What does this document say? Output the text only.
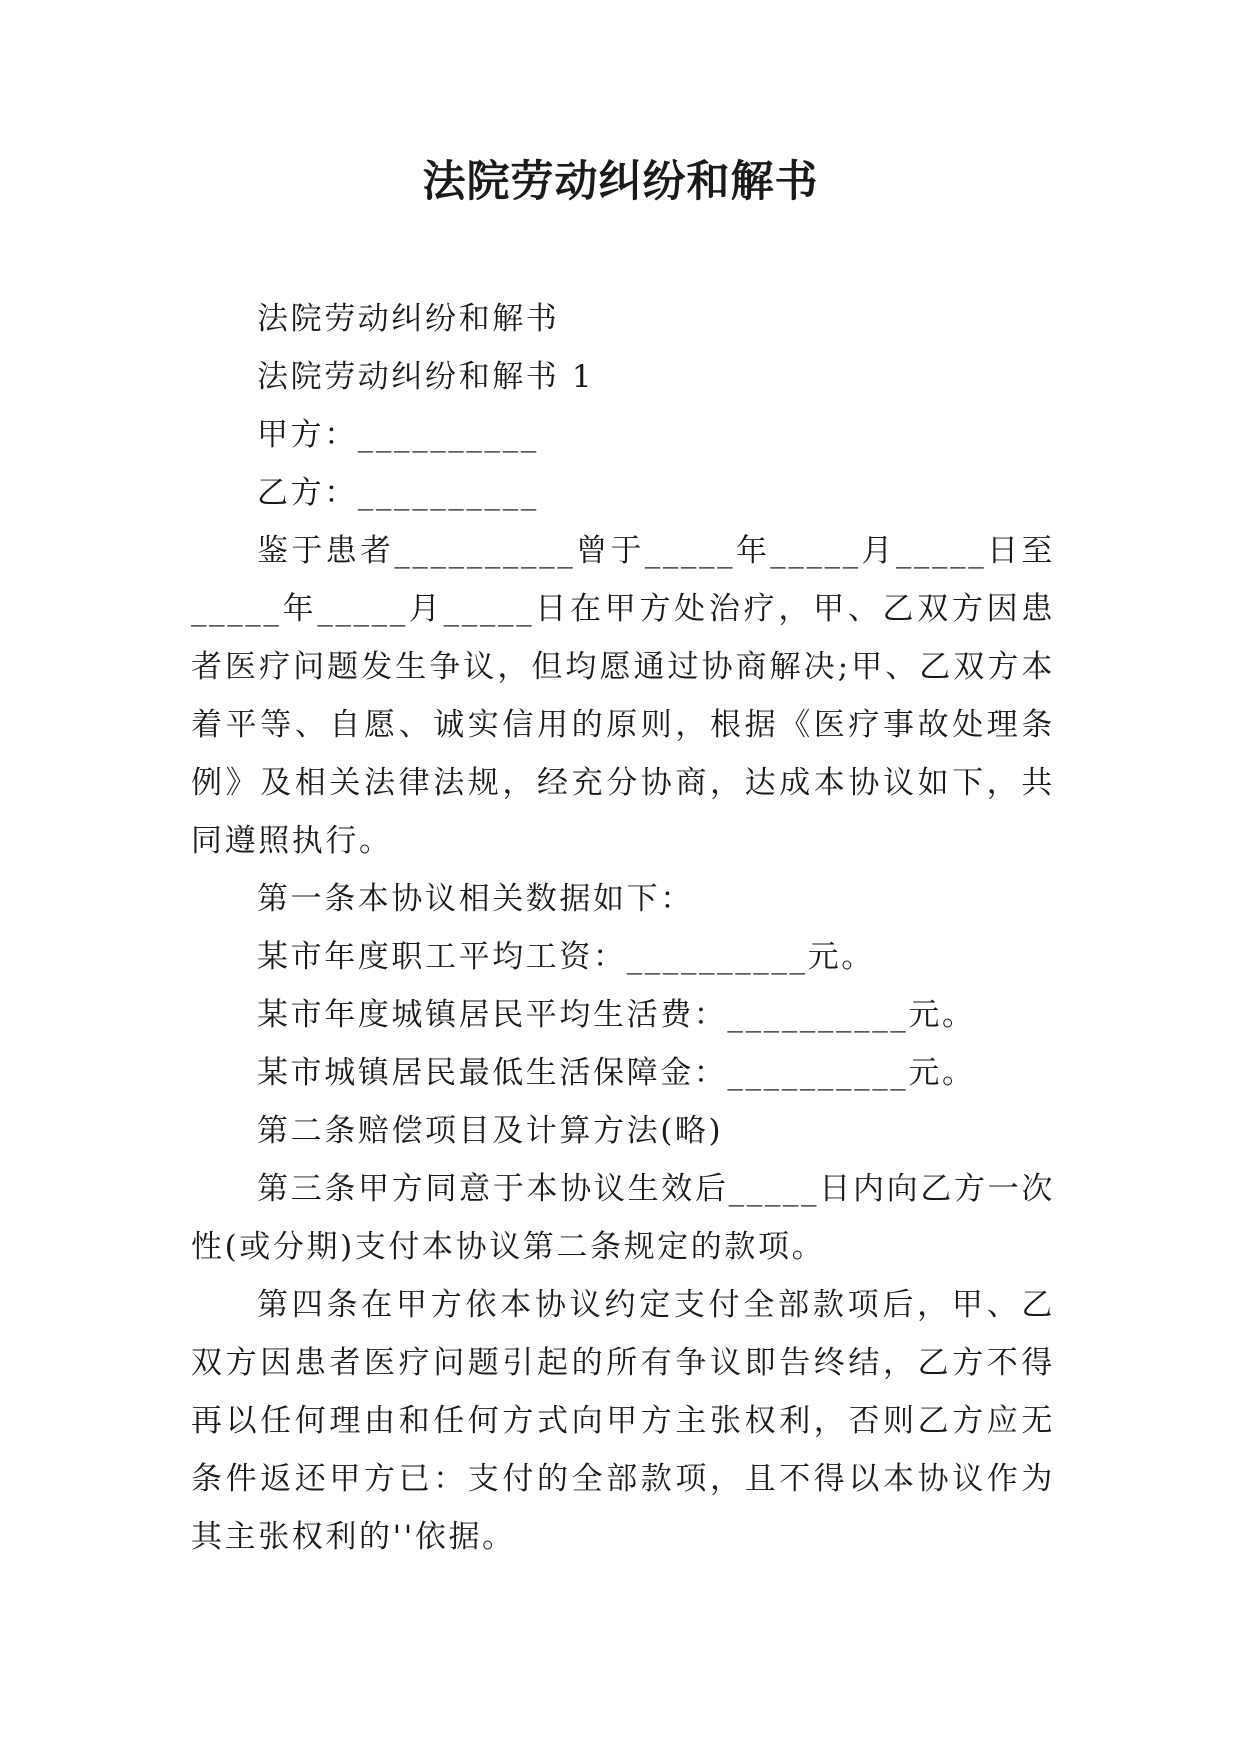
法院劳动纠纷和解书

法院劳动纠纷和解书

法院劳动纠纷和解书 1

甲方：__________

乙方：__________

鉴于患者__________曾于_____年_____月_____日至_____年_____月_____日在甲方处治疗，甲、乙双方因患者医疗问题发生争议，但均愿通过协商解决;甲、乙双方本着平等、自愿、诚实信用的原则，根据《医疗事故处理条例》及相关法律法规，经充分协商，达成本协议如下，共同遵照执行。

第一条本协议相关数据如下：

某市年度职工平均工资：__________元。

某市年度城镇居民平均生活费：__________元。

某市城镇居民最低生活保障金：__________元。

第二条赔偿项目及计算方法(略)

第三条甲方同意于本协议生效后_____日内向乙方一次性(或分期)支付本协议第二条规定的款项。

第四条在甲方依本协议约定支付全部款项后，甲、乙双方因患者医疗问题引起的所有争议即告终结，乙方不得再以任何理由和任何方式向甲方主张权利，否则乙方应无条件返还甲方已：支付的全部款项，且不得以本协议作为其主张权利的''依据。
